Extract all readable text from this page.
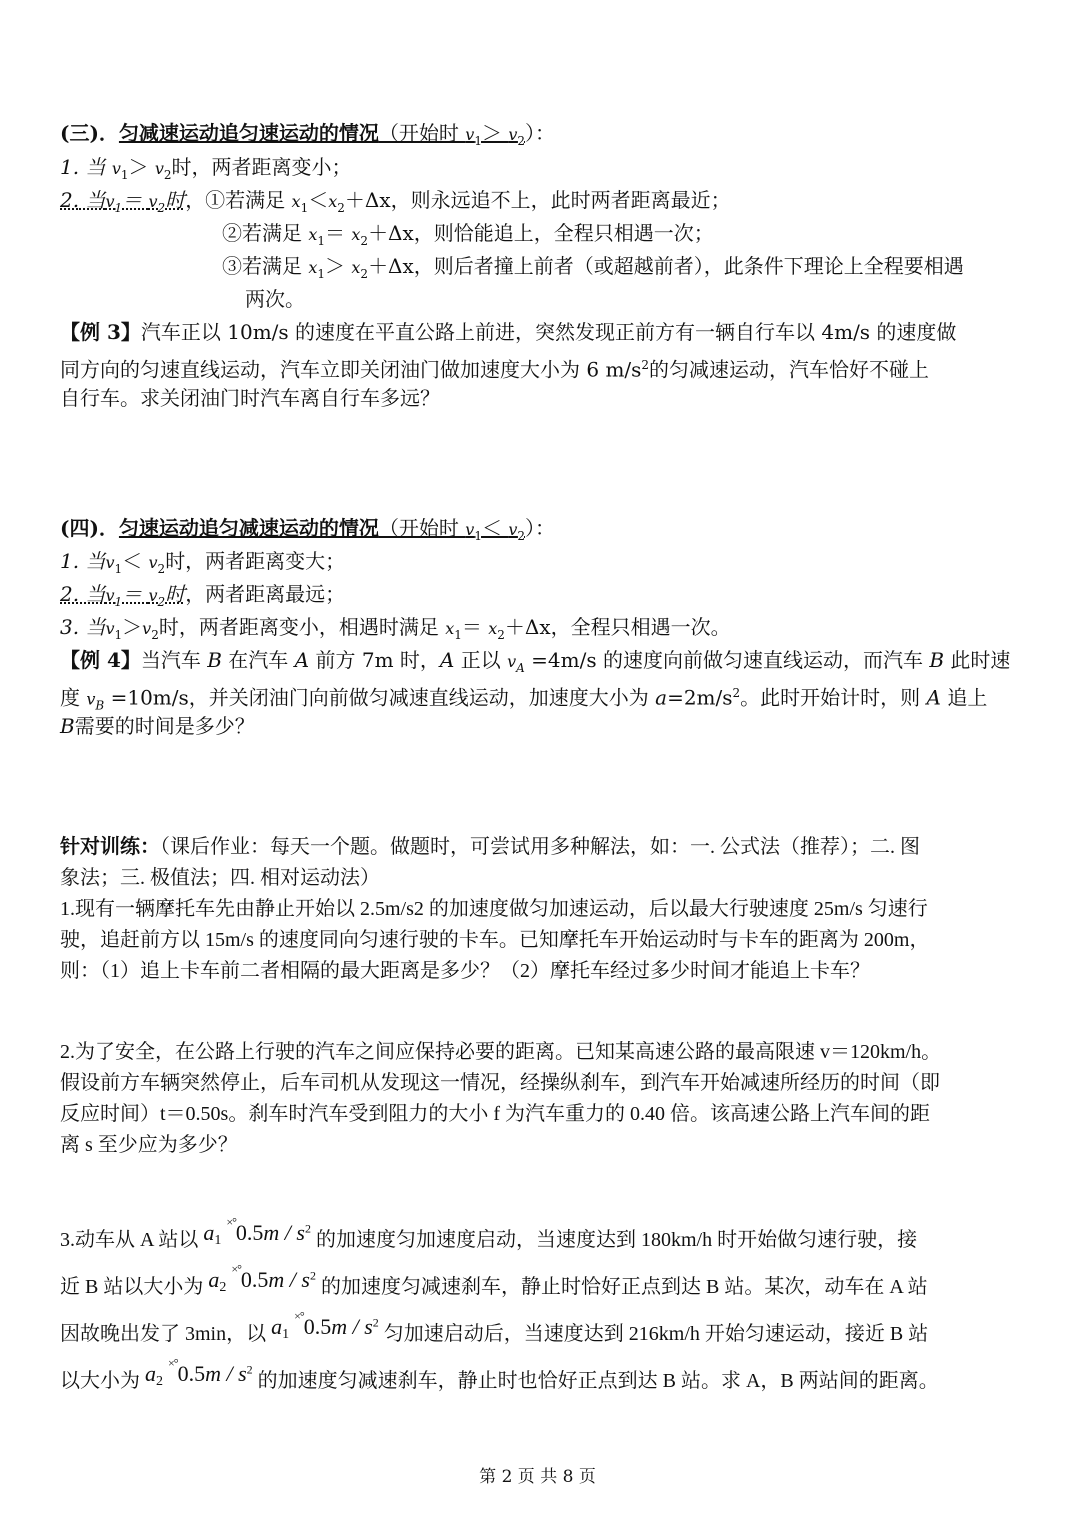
(三)．匀减速运动追匀速运动的情况（开始时 $v_1> v_2$）：
1. 当 $v_1> v_2$时，两者距离变小；
2. 当$v_1= v_2$时，①若满足 $x_1<x_2+\Delta x$，则永远追不上，此时两者距离最近；
②若满足 $x_1= x_2+\Delta x$，则恰能追上，全程只相遇一次；
③若满足 $x_1> x_2+\Delta x$，则后者撞上前者（或超越前者），此条件下理论上全程要相遇
两次。
【例 3】汽车正以 10m/s 的速度在平直公路上前进，突然发现正前方有一辆自行车以 4m/s 的速度做
同方向的匀速直线运动，汽车立即关闭油门做加速度大小为 6 $m/s^2$的匀减速运动，汽车恰好不碰上
自行车。求关闭油门时汽车离自行车多远？
(四)．匀速运动追匀减速运动的情况（开始时 $v_1< v_2$）：
1. 当$v_1< v_2$时，两者距离变大；
2. 当$v_1= v_2$时，两者距离最远；
3. 当$v_1>v_2$时，两者距离变小，相遇时满足 $x_1= x_2+\Delta x$，全程只相遇一次。
【例 4】当汽车 B 在汽车 A 前方 7m 时，A 正以 $v_A =4m/s$ 的速度向前做匀速直线运动，而汽车 B 此时速
度 $v_B =10m/s$，并关闭油门向前做匀减速直线运动，加速度大小为 $a=2m/s^2$。此时开始计时，则 A 追上
B需要的时间是多少？
针对训练：（课后作业：每天一个题。做题时，可尝试用多种解法，如：一. 公式法（推荐）；二. 图
象法；三. 极值法；四. 相对运动法）
1.现有一辆摩托车先由静止开始以 2.5m/s2 的加速度做匀加速运动，后以最大行驶速度 25m/s 匀速行
驶，追赶前方以 15m/s 的速度同向匀速行驶的卡车。已知摩托车开始运动时与卡车的距离为 200m，
则：（1）追上卡车前二者相隔的最大距离是多少？（2）摩托车经过多少时间才能追上卡车？
2.为了安全，在公路上行驶的汽车之间应保持必要的距离。已知某高速公路的最高限速 v＝120km/h。
假设前方车辆突然停止，后车司机从发现这一情况，经操纵刹车，到汽车开始减速所经历的时间（即
反应时间）t＝0.50s。刹车时汽车受到阻力的大小 f 为汽车重力的 0.40 倍。该高速公路上汽车间的距
离 s 至少应为多少？
3.动车从 A 站以 $a_1$ $^{\times^\circ}0.5m / s^2$ 的加速度匀加速度启动，当速度达到 180km/h 时开始做匀速行驶，接
近 B 站以大小为 $a_2$ $^{\times^\circ}0.5m / s^2$ 的加速度匀减速刹车，静止时恰好正点到达 B 站。某次，动车在 A 站
因故晚出发了 3min，以 $a_1$ $^{\times^\circ}0.5m / s^2$ 匀加速启动后，当速度达到 216km/h 开始匀速运动，接近 B 站
以大小为 $a_2$ $^{\times^\circ}0.5m / s^2$ 的加速度匀减速刹车，静止时也恰好正点到达 B 站。求 A，B 两站间的距离。
第 2 页 共 8 页
